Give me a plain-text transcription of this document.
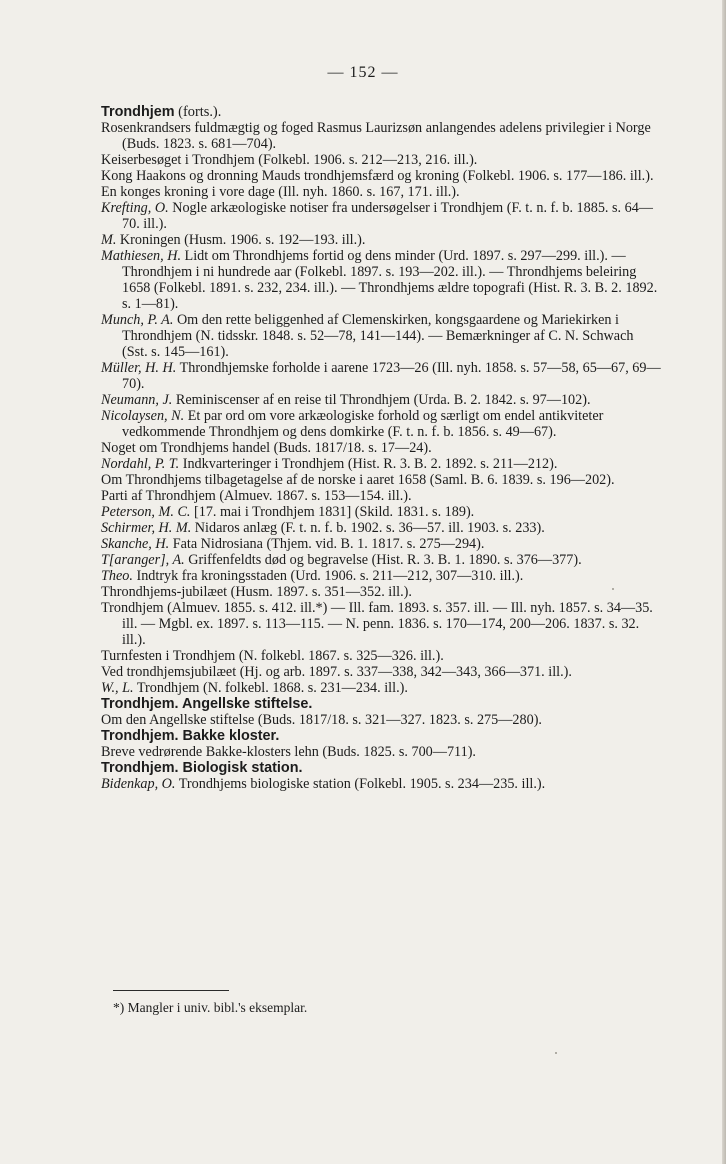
— 152 —

Trondhjem (forts.).

Rosenkrandsers fuldmægtig og foged Rasmus Laurizsøn anlangendes adelens privilegier i Norge (Buds. 1823. s. 681—704).

Keiserbesøget i Trondhjem (Folkebl. 1906. s. 212—213, 216. ill.).

Kong Haakons og dronning Mauds trondhjemsfærd og kroning (Folkebl. 1906. s. 177—186. ill.).

En konges kroning i vore dage (Ill. nyh. 1860. s. 167, 171. ill.).

Krefting, O. Nogle arkæologiske notiser fra undersøgelser i Trondhjem (F. t. n. f. b. 1885. s. 64—70. ill.).

M. Kroningen (Husm. 1906. s. 192—193. ill.).

Mathiesen, H. Lidt om Throndhjems fortid og dens minder (Urd. 1897. s. 297—299. ill.). — Throndhjem i ni hundrede aar (Folkebl. 1897. s. 193—202. ill.). — Throndhjems beleiring 1658 (Folkebl. 1891. s. 232, 234. ill.). — Throndhjems ældre topografi (Hist. R. 3. B. 2. 1892. s. 1—81).

Munch, P. A. Om den rette beliggenhed af Clemenskirken, kongsgaardene og Mariekirken i Throndhjem (N. tidsskr. 1848. s. 52—78, 141—144). — Bemærkninger af C. N. Schwach (Sst. s. 145—161).

Müller, H. H. Throndhjemske forholde i aarene 1723—26 (Ill. nyh. 1858. s. 57—58, 65—67, 69—70).

Neumann, J. Reminiscenser af en reise til Throndhjem (Urda. B. 2. 1842. s. 97—102).

Nicolaysen, N. Et par ord om vore arkæologiske forhold og særligt om endel antikviteter vedkommende Throndhjem og dens domkirke (F. t. n. f. b. 1856. s. 49—67).

Noget om Trondhjems handel (Buds. 1817/18. s. 17—24).

Nordahl, P. T. Indkvarteringer i Trondhjem (Hist. R. 3. B. 2. 1892. s. 211—212).

Om Throndhjems tilbagetagelse af de norske i aaret 1658 (Saml. B. 6. 1839. s. 196—202).

Parti af Throndhjem (Almuev. 1867. s. 153—154. ill.).

Peterson, M. C. [17. mai i Trondhjem 1831] (Skild. 1831. s. 189).

Schirmer, H. M. Nidaros anlæg (F. t. n. f. b. 1902. s. 36—57. ill. 1903. s. 233).

Skanche, H. Fata Nidrosiana (Thjem. vid. B. 1. 1817. s. 275—294).

T[aranger], A. Griffenfeldts død og begravelse (Hist. R. 3. B. 1. 1890. s. 376—377).

Theo. Indtryk fra kroningsstaden (Urd. 1906. s. 211—212, 307—310. ill.).

Throndhjems-jubilæet (Husm. 1897. s. 351—352. ill.).

Trondhjem (Almuev. 1855. s. 412. ill.*) — Ill. fam. 1893. s. 357. ill. — Ill. nyh. 1857. s. 34—35. ill. — Mgbl. ex. 1897. s. 113—115. — N. penn. 1836. s. 170—174, 200—206. 1837. s. 32. ill.).

Turnfesten i Trondhjem (N. folkebl. 1867. s. 325—326. ill.).

Ved trondhjemsjubilæet (Hj. og arb. 1897. s. 337—338, 342—343, 366—371. ill.).

W., L. Trondhjem (N. folkebl. 1868. s. 231—234. ill.).

Trondhjem. Angellske stiftelse.

Om den Angellske stiftelse (Buds. 1817/18. s. 321—327. 1823. s. 275—280).

Trondhjem. Bakke kloster.

Breve vedrørende Bakke-klosters lehn (Buds. 1825. s. 700—711).

Trondhjem. Biologisk station.

Bidenkap, O. Trondhjems biologiske station (Folkebl. 1905. s. 234—235. ill.).

*) Mangler i univ. bibl.'s eksemplar.
